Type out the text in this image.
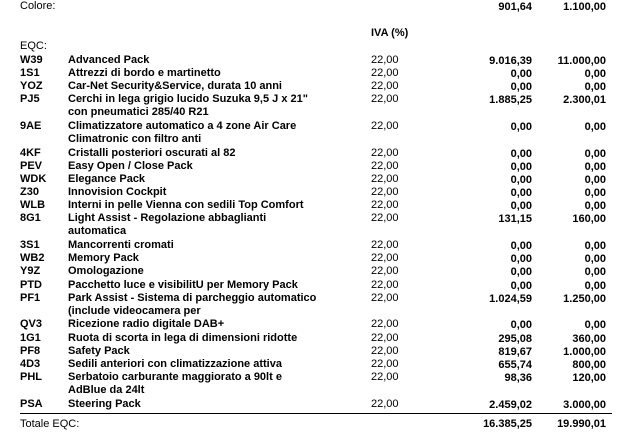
Colore:	901,64	1.100,00
IVA (%)
EQC:
W39 Advanced Pack	22,00	9.016,39 11.000,00
1S1	Attrezzi di bordo e martinetto	22,00	0,00	0,00
YOZ Car-Net Security&Service, durata 10 anni	22,00	0,00	0,00
PJ5	Cerchi in lega grigio lucido Suzuka 9,5 J x 21"
con pneumatici 285/40 R21
22,00	1.885,25	2.300,01
9AE Climatizzatore automatico a 4 zone Air Care
Climatronic con filtro anti
22,00	0,00	0,00
4KF Cristalli posteriori oscurati al 82	22,00	0,00	0,00
PEV Easy Open / Close Pack	22,00	0,00	0,00
WDK Elegance Pack	22,00	0,00	0,00
Z30	Innovision Cockpit	22,00	0,00	0,00
WLB Interni in pelle Vienna con sedili Top Comfort	22,00	0,00	0,00
8G1 Light Assist - Regolazione abbaglianti
automatica
22,00	131,15	160,00
3S1	Mancorrenti cromati	22,00	0,00	0,00
WB2 Memory Pack	22,00	0,00	0,00
Y9Z	Omologazione	22,00	0,00	0,00
PTD Pacchetto luce e visibilitU per Memory Pack	22,00	0,00	0,00
PF1	Park Assist - Sistema di parcheggio automatico
(include videocamera per
22,00	1.024,59	1.250,00
QV3 Ricezione radio digitale DAB+	22,00	0,00	0,00
1G1 Ruota di scorta in lega di dimensioni ridotte	22,00	295,08	360,00
PF8	Safety Pack	22,00	819,67	1.000,00
4D3	Sedili anteriori con climatizzazione attiva	22,00	655,74	800,00
PHL Serbatoio carburante maggiorato a 90lt e
AdBlue da 24lt
22,00	98,36	120,00
PSA Steering Pack	22,00	2.459,02	3.000,00
Totale EQC:	16.385,25 19.990,01
